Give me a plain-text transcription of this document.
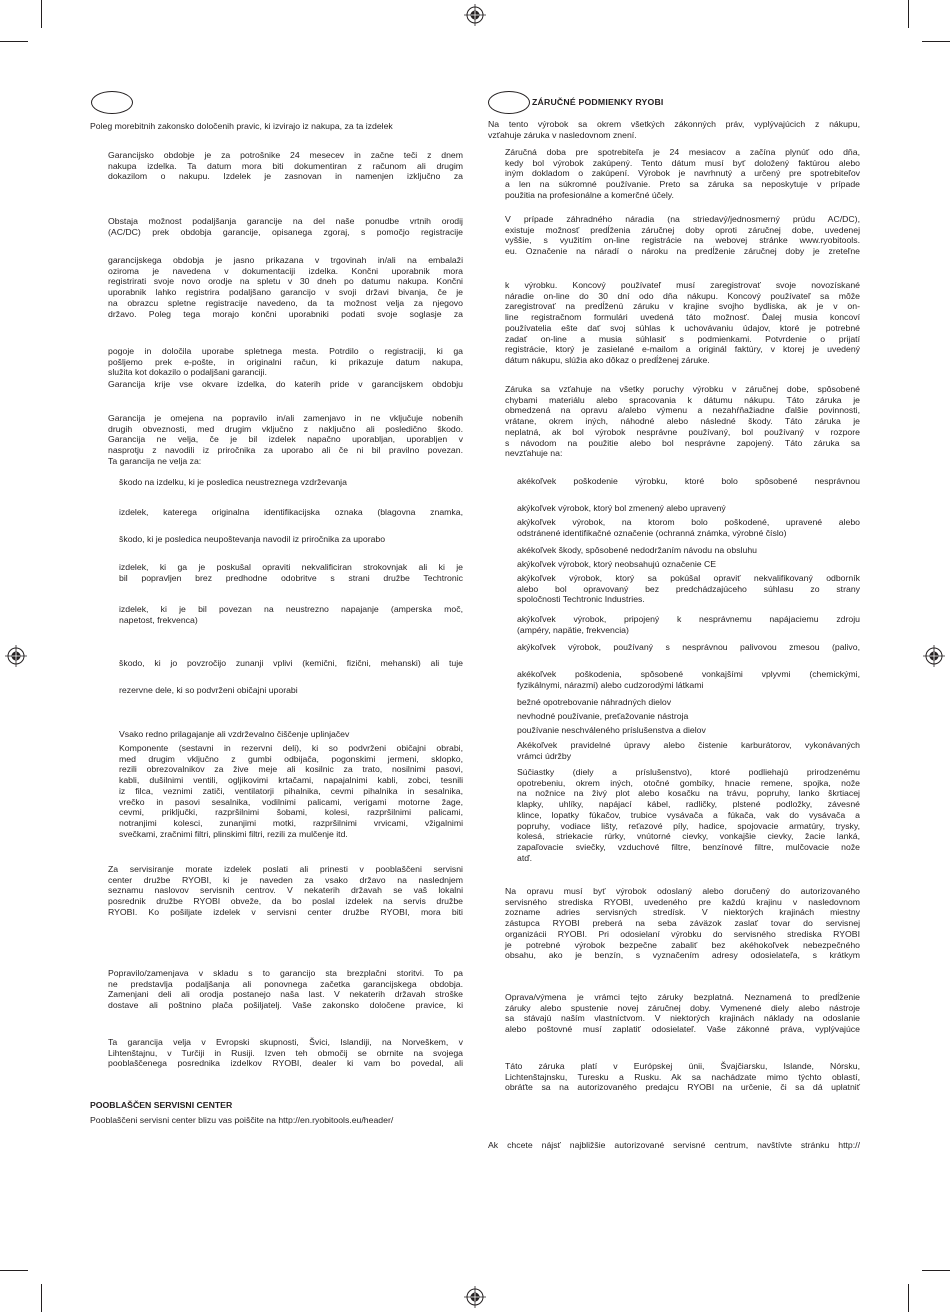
ZÁRUČNÉ PODMIENKY RYOBI

Poleg morebitnih zakonsko določenih pravic, ki izvirajo iz nakupa, za ta izdelek

Garancijsko obdobje je za potrošnike 24 mesecev in začne teči z dnem

nakupa izdelka. Ta datum mora biti dokumentiran z računom ali drugim

dokazilom o nakupu. Izdelek je zasnovan in namenjen izključno za

Obstaja možnost podaljšanja garancije na del naše ponudbe vrtnih orodij

(AC/DC) prek obdobja garancije, opisanega zgoraj, s pomočjo registracije

garancijskega obdobja je jasno prikazana v trgovinah in/ali na embalaži

oziroma je navedena v dokumentaciji izdelka. Končni uporabnik mora

registrirati svoje novo orodje na spletu v 30 dneh po datumu nakupa. Končni

uporabnik lahko registrira podaljšano garancijo v svoji državi bivanja, če je

na obrazcu spletne registracije navedeno, da ta možnost velja za njegovo

državo. Poleg tega morajo končni uporabniki podati svoje soglasje za

pogoje in določila uporabe spletnega mesta. Potrdilo o registraciji, ki ga

pošljemo prek e-pošte, in originalni račun, ki prikazuje datum nakupa,

služita kot dokazilo o podaljšani garanciji.

Garancija krije vse okvare izdelka, do katerih pride v garancijskem obdobju

Garancija je omejena na popravilo in/ali zamenjavo in ne vključuje nobenih

drugih obveznosti, med drugim vključno z naključno ali posledično škodo.

Garancija ne velja, če je bil izdelek napačno uporabljan, uporabljen v

nasprotju z navodili iz priročnika za uporabo ali če ni bil pravilno povezan.

Ta garancija ne velja za:

škodo na izdelku, ki je posledica neustreznega vzdrževanja

izdelek, katerega originalna identifikacijska oznaka (blagovna znamka,

škodo, ki je posledica neupoštevanja navodil iz priročnika za uporabo

izdelek, ki ga je poskušal opraviti nekvalificiran strokovnjak ali ki je

bil popravljen brez predhodne odobritve s strani družbe Techtronic

izdelek, ki je bil povezan na neustrezno napajanje (amperska moč,

napetost, frekvenca)

škodo, ki jo povzročijo zunanji vplivi (kemični, fizični, mehanski) ali tuje

rezervne dele, ki so podvrženi običajni uporabi

Vsako redno prilagajanje ali vzdrževalno čiščenje uplinjačev

Komponente (sestavni in rezervni deli), ki so podvrženi običajni obrabi,

med drugim vključno z gumbi odbijača, pogonskimi jermeni, sklopko,

rezili obrezovalnikov za žive meje ali kosilnic za trato, nosilnimi pasovi,

kabli, dušilnimi ventili, ogljikovimi krtačami, napajalnimi kabli, zobci, tesnili

iz filca, veznimi zatiči, ventilatorji pihalnika, cevmi pihalnika in sesalnika,

vrečko in pasovi sesalnika, vodilnimi palicami, verigami motorne žage,

cevmi, priključki, razpršilnimi šobami, kolesi, razpršilnimi palicami,

notranjimi kolesci, zunanjimi motki, razpršilnimi vrvicami, vžigalnimi

svečkami, zračnimi filtri, plinskimi filtri, rezili za mulčenje itd.

Za servisiranje morate izdelek poslati ali prinesti v pooblaščeni servisni

center družbe RYOBI, ki je naveden za vsako državo na naslednjem

seznamu naslovov servisnih centrov. V nekaterih državah se vaš lokalni

posrednik družbe RYOBI obveže, da bo poslal izdelek na servis družbe

RYOBI. Ko pošiljate izdelek v servisni center družbe RYOBI, mora biti

Popravilo/zamenjava v skladu s to garancijo sta brezplačni storitvi. To pa

ne predstavlja podaljšanja ali ponovnega začetka garancijskega obdobja.

Zamenjani deli ali orodja postanejo naša last. V nekaterih državah stroške

dostave ali poštnino plača pošiljatelj. Vaše zakonsko določene pravice, ki

Ta garancija velja v Evropski skupnosti, Švici, Islandiji, na Norveškem, v

Lihtenštajnu, v Turčiji in Rusiji. Izven teh območij se obrnite na svojega

pooblaščenega posrednika izdelkov RYOBI, dealer ki vam bo povedal, ali

POOBLAŠČEN SERVISNI CENTER

Pooblaščeni servisni center blizu vas poiščite na http://en.ryobitools.eu/header/

Na tento výrobok sa okrem všetkých zákonných práv, vyplývajúcich z nákupu,

vzťahuje záruka v nasledovnom znení.

Záručná doba pre spotrebiteľa je 24 mesiacov a začína plynúť odo dňa,

kedy bol výrobok zakúpený. Tento dátum musí byť doložený faktúrou alebo

iným dokladom o zakúpení. Výrobok je navrhnutý a určený pre spotrebiteľov

a len na súkromné používanie. Preto sa záruka sa neposkytuje v prípade

použitia na profesionálne a komerčné účely.

V prípade záhradného náradia (na striedavý/jednosmerný prúdu AC/DC),

existuje možnosť predĺženia záručnej doby oproti záručnej dobe, uvedenej

vyššie, s využitím on-line registrácie na webovej stránke www.ryobitools.

eu. Označenie na náradí o nároku na predĺženie záručnej doby je zreteľne

k výrobku. Koncový používateľ musí zaregistrovať svoje novozískané

náradie on-line do 30 dní odo dňa nákupu. Koncový používateľ sa môže

zaregistrovať na predĺženú záruku v krajine svojho bydliska, ak je v on-

line registračnom formulári uvedená táto možnosť. Ďalej musia koncoví

používatelia ešte dať svoj súhlas k uchovávaniu údajov, ktoré je potrebné

zadať on-line a musia súhlasiť s podmienkami. Potvrdenie o prijatí

registrácie, ktorý je zasielané e-mailom a originál faktúry, v ktorej je uvedený

dátum nákupu, slúžia ako dôkaz o predĺženej záruke.

Záruka sa vzťahuje na všetky poruchy výrobku v záručnej dobe, spôsobené

chybami materiálu alebo spracovania k dátumu nákupu. Táto záruka je

obmedzená na opravu a/alebo výmenu a nezahŕňažiadne ďalšie povinnosti,

vrátane, okrem iných, náhodné alebo následné škody. Táto záruka je

neplatná, ak bol výrobok nesprávne používaný, bol používaný v rozpore

s návodom na použitie alebo bol nesprávne zapojený. Táto záruka sa

nevzťahuje na:

akékoľvek poškodenie výrobku, ktoré bolo spôsobené nesprávnou

akýkoľvek výrobok, ktorý bol zmenený alebo upravený

akýkoľvek výrobok, na ktorom bolo poškodené, upravené alebo

odstránené identifikačné označenie (ochranná známka, výrobné číslo)

akékoľvek škody, spôsobené nedodržaním návodu na obsluhu

akýkoľvek výrobok, ktorý neobsahujú označenie CE

akýkoľvek výrobok, ktorý sa pokúšal opraviť nekvalifikovaný odborník

alebo bol opravovaný bez predchádzajúceho súhlasu zo strany

spoločnosti Techtronic Industries.

akýkoľvek výrobok, pripojený k nesprávnemu napájaciemu zdroju

(ampéry, napätie, frekvencia)

akýkoľvek výrobok, používaný s nesprávnou palivovou zmesou (palivo,

akékoľvek poškodenia, spôsobené vonkajšími vplyvmi (chemickými,

fyzikálnymi, nárazmi) alebo cudzorodými látkami

bežné opotrebovanie náhradných dielov

nevhodné používanie, preťažovanie nástroja

používanie neschváleného príslušenstva a dielov

Akékoľvek pravidelné úpravy alebo čistenie karburátorov, vykonávaných

vrámci údržby

Súčiastky (diely a príslušenstvo), ktoré podliehajú prirodzenému

opotrebeniu, okrem iných, otočné gombíky, hnacie remene, spojka, nože

na nožnice na živý plot alebo kosačku na trávu, popruhy, lanko škrtiacej

klapky, uhlíky, napájací kábel, radličky, plstené podložky, závesné

klince, lopatky fúkačov, trubice vysávača a fúkača, vak do vysávača a

popruhy, vodiace lišty, reťazové píly, hadice, spojovacie armatúry, trysky,

kolesá, striekacie rúrky, vnútorné cievky, vonkajšie cievky, žacie lanká,

zapaľovacie sviečky, vzduchové filtre, benzínové filtre, mulčovacie nože

atď.

Na opravu musí byť výrobok odoslaný alebo doručený do autorizovaného

servisného strediska RYOBI, uvedeného pre každú krajinu v nasledovnom

zozname adries servisných stredísk. V niektorých krajinách miestny

zástupca RYOBI preberá na seba záväzok zaslať tovar do servisnej

organizácii RYOBI. Pri odosielaní výrobku do servisného strediska RYOBI

je potrebné výrobok bezpečne zabaliť bez akéhokoľvek nebezpečného

obsahu, ako je benzín, s vyznačením adresy odosielateľa, s krátkym

Oprava/výmena je vrámci tejto záruky bezplatná. Neznamená to predĺženie

záruky alebo spustenie novej záručnej doby. Vymenené diely alebo nástroje

sa stávajú naším vlastníctvom. V niektorých krajinách náklady na odoslanie

alebo poštovné musí zaplatiť odosielateľ. Vaše zákonné práva, vyplývajúce

Táto záruka platí v Európskej únii, Švajčiarsku, Islande, Nórsku,

Lichtenštajnsku, Turesku a Rusku. Ak sa nachádzate mimo týchto oblastí,

obráťte sa na autorizovaného predajcu RYOBI na určenie, či sa dá uplatniť

Ak chcete nájsť najbližšie autorizované servisné centrum, navštívte stránku http://
